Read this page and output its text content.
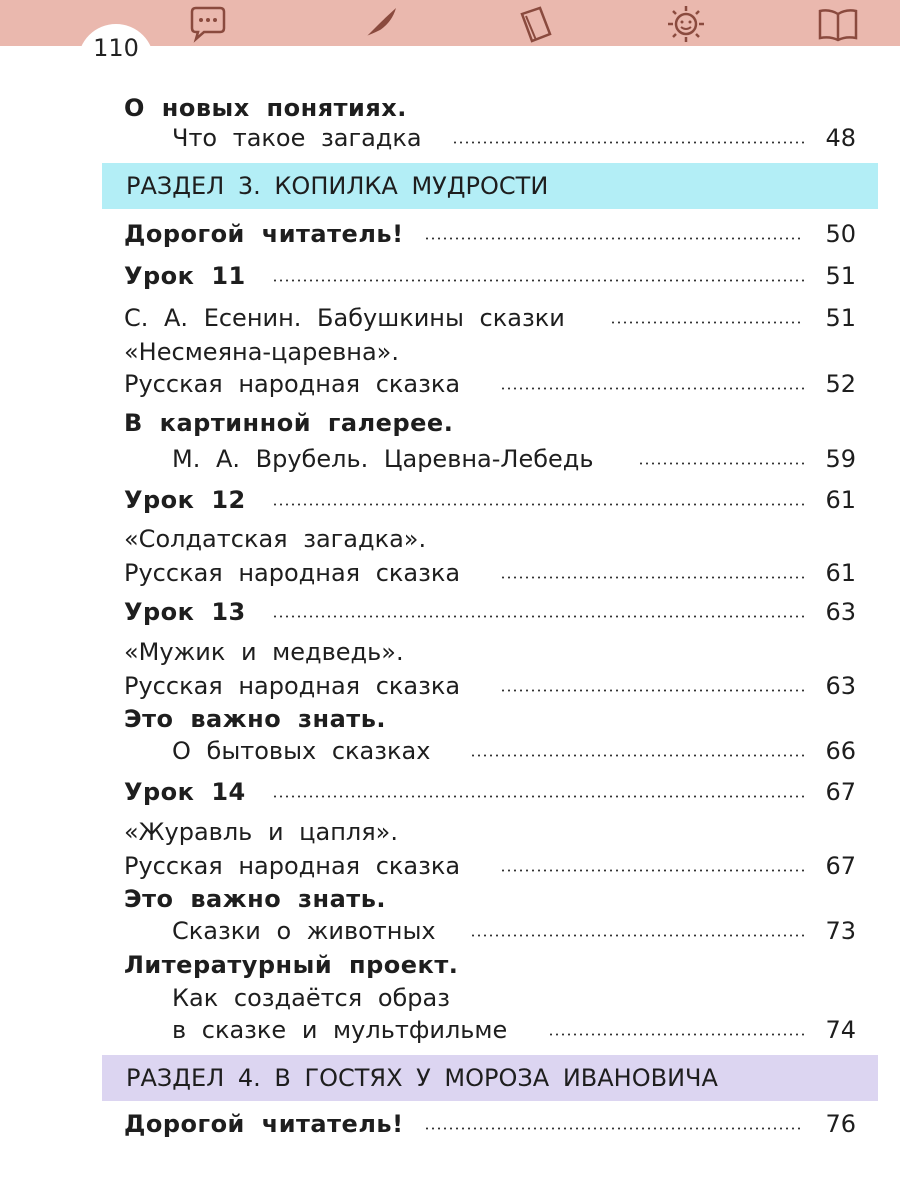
110
О новых понятиях.
Что такое загадка	48
РАЗДЕЛ 3. КОПИЛКА МУДРОСТИ
Дорогой читатель!	50
Урок 11	51
С. А. Есенин. Бабушкины сказки	51
«Несмеяна-царевна».
Русская народная сказка	52
В картинной галерее.
М. А. Врубель. Царевна-Лебедь	59
Урок 12	61
«Солдатская загадка».
Русская народная сказка	61
Урок 13	63
«Мужик и медведь».
Русская народная сказка	63
Это важно знать.
О бытовых сказках	66
Урок 14	67
«Журавль и цапля».
Русская народная сказка	67
Это важно знать.
Сказки о животных	73
Литературный проект.
Как создаётся образ
в сказке и мультфильме	74
РАЗДЕЛ 4. В ГОСТЯХ У МОРОЗА ИВАНОВИЧА
Дорогой читатель!	76
